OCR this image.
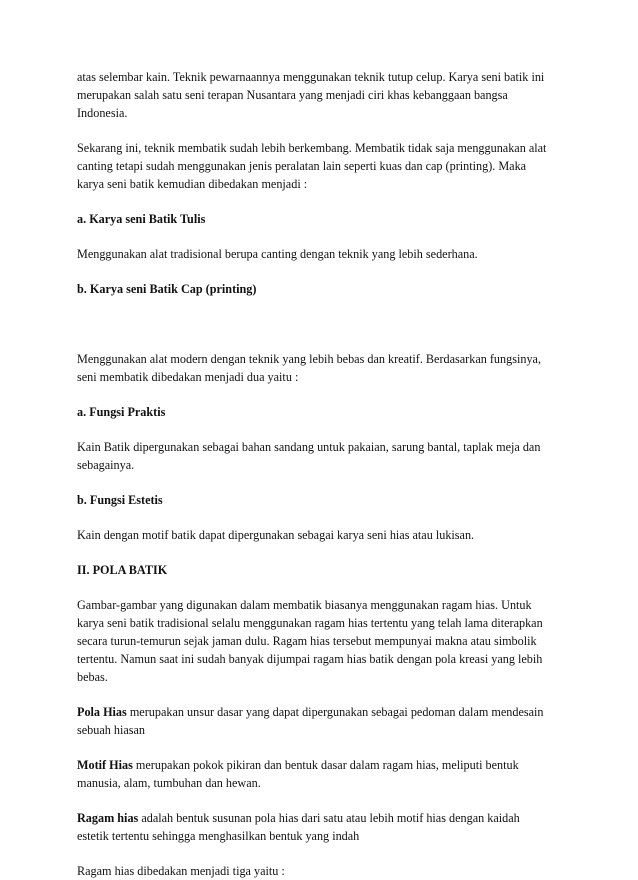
atas selembar kain. Teknik pewarnaannya menggunakan teknik tutup celup. Karya seni batik ini
merupakan salah satu seni terapan Nusantara yang menjadi ciri khas kebanggaan bangsa
Indonesia.

Sekarang ini, teknik membatik sudah lebih berkembang. Membatik tidak saja menggunakan alat
canting tetapi sudah menggunakan jenis peralatan lain seperti kuas dan cap (printing). Maka
karya seni batik kemudian dibedakan menjadi :

a. Karya seni Batik Tulis

Menggunakan alat tradisional berupa canting dengan teknik yang lebih sederhana.

b. Karya seni Batik Cap (printing)

Menggunakan alat modern dengan teknik yang lebih bebas dan kreatif. Berdasarkan fungsinya,
seni membatik dibedakan menjadi dua yaitu :

a. Fungsi Praktis

Kain Batik dipergunakan sebagai bahan sandang untuk pakaian, sarung bantal, taplak meja dan
sebagainya.

b. Fungsi Estetis

Kain dengan motif batik dapat dipergunakan sebagai karya seni hias atau lukisan.

II. POLA BATIK

Gambar-gambar yang digunakan dalam membatik biasanya menggunakan ragam hias. Untuk
karya seni batik tradisional selalu menggunakan ragam hias tertentu yang telah lama diterapkan
secara turun-temurun sejak jaman dulu. Ragam hias tersebut mempunyai makna atau simbolik
tertentu. Namun saat ini sudah banyak dijumpai ragam hias batik dengan pola kreasi yang lebih
bebas.

Pola Hias merupakan unsur dasar yang dapat dipergunakan sebagai pedoman dalam mendesain
sebuah hiasan

Motif Hias merupakan pokok pikiran dan bentuk dasar dalam ragam hias, meliputi bentuk
manusia, alam, tumbuhan dan hewan.

Ragam hias adalah bentuk susunan pola hias dari satu atau lebih motif hias dengan kaidah
estetik tertentu sehingga menghasilkan bentuk yang indah

Ragam hias dibedakan menjadi tiga yaitu :
